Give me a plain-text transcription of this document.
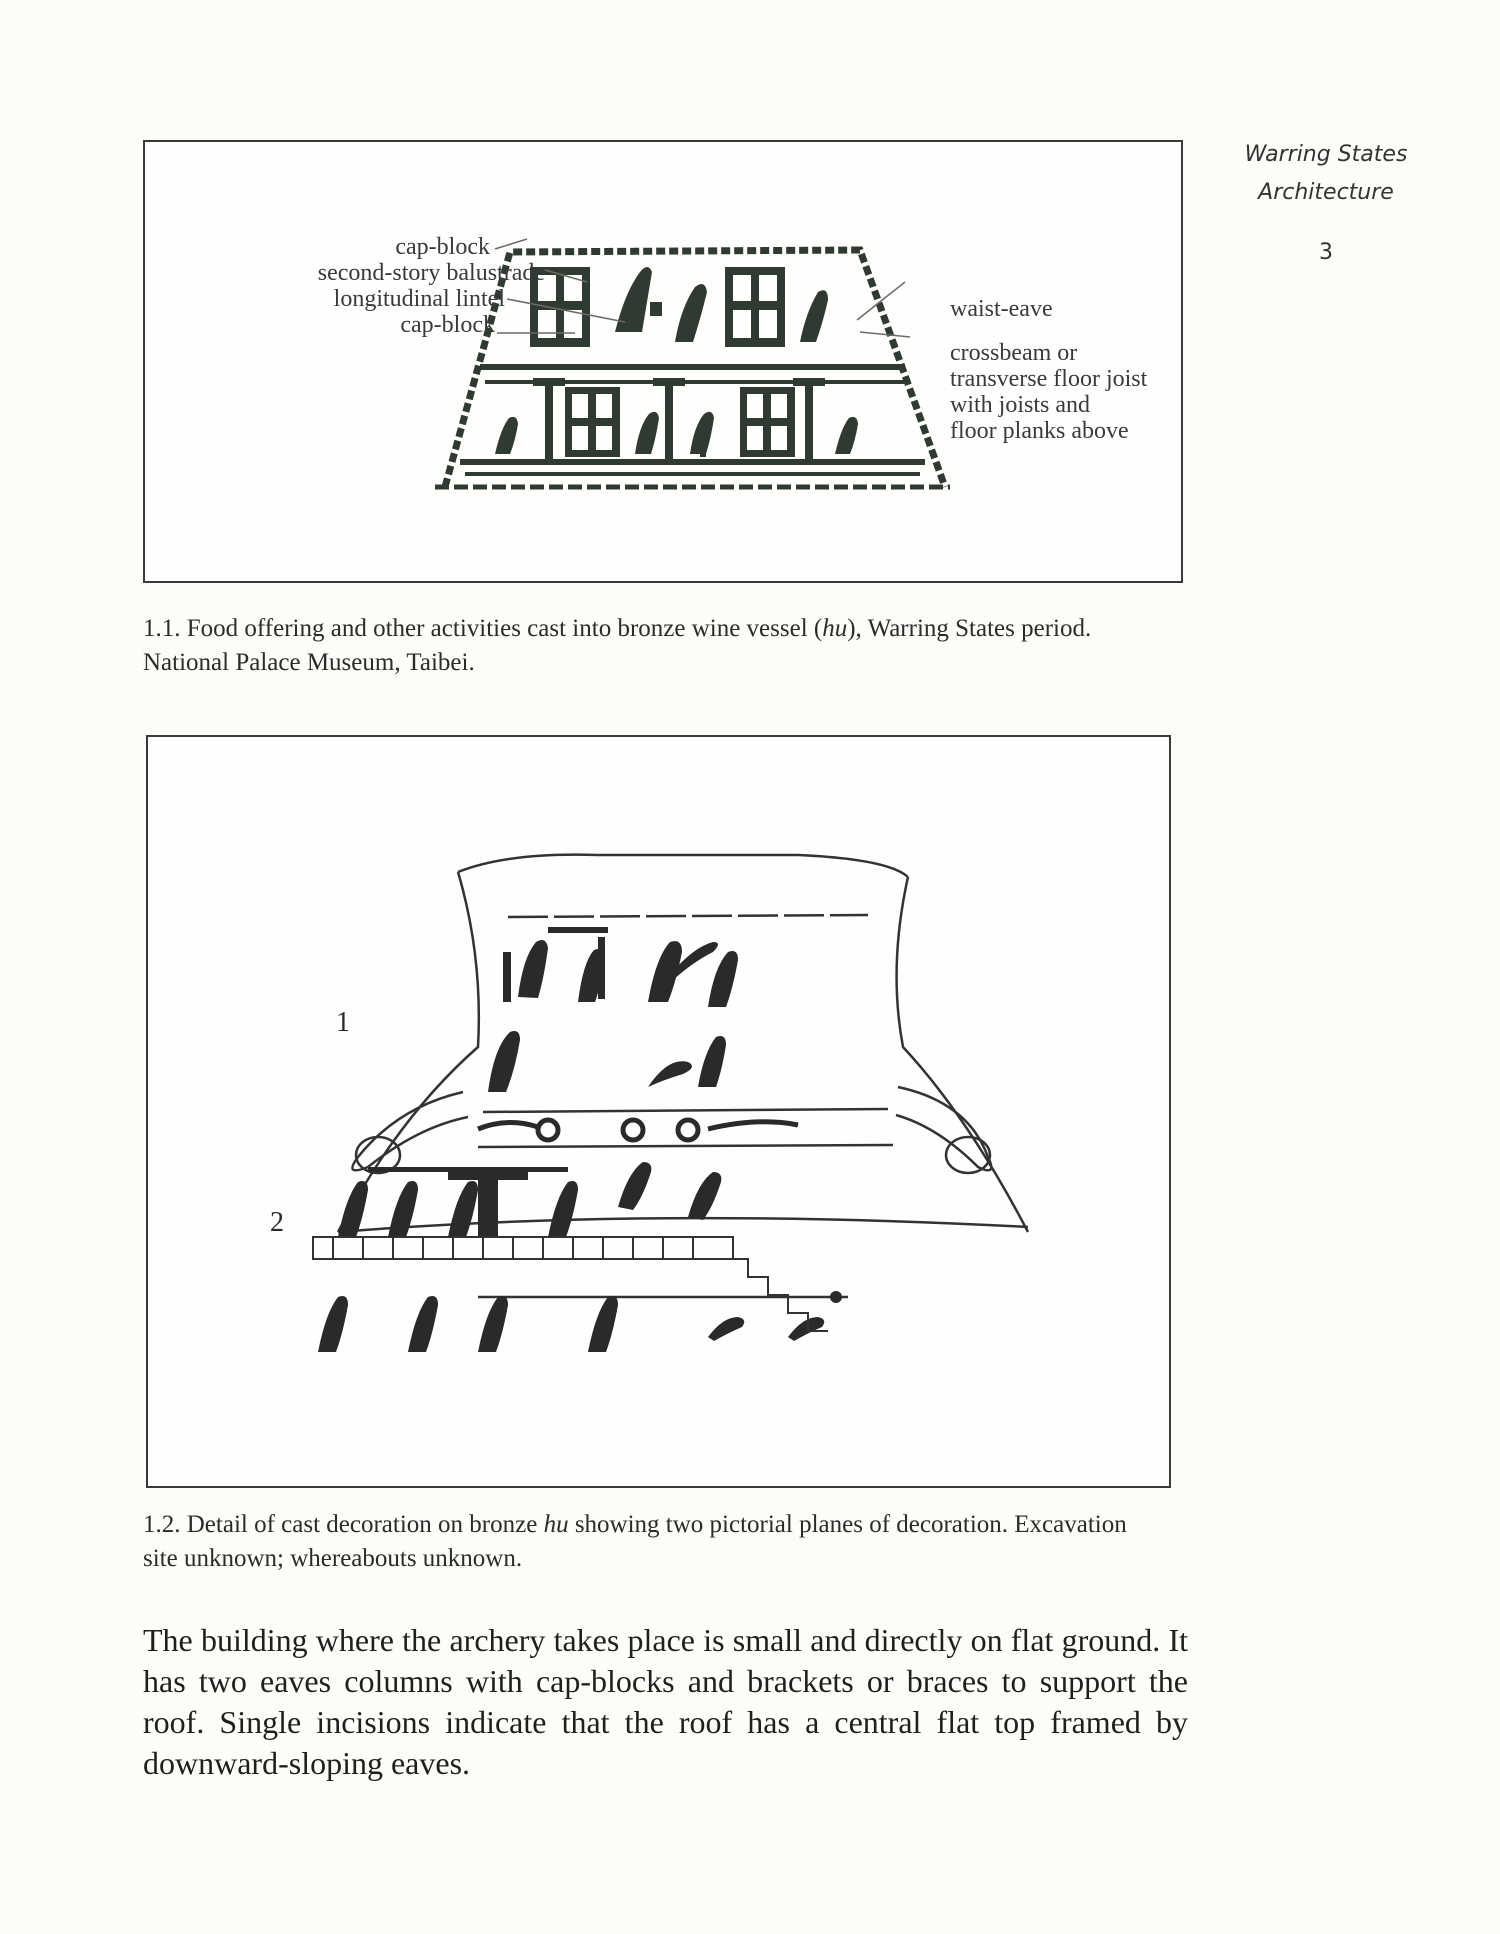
Warring States
Architecture
3
cap-block
second-story balustrade
longitudinal lintel
cap-block
waist-eave
crossbeam or
transverse floor joist
with joists and
floor planks above
1.1. Food offering and other activities cast into bronze wine vessel (hu), Warring States period. National Palace Museum, Taibei.
1
2
1.2. Detail of cast decoration on bronze hu showing two pictorial planes of decoration. Excavation site unknown; whereabouts unknown.

The building where the archery takes place is small and directly on flat ground. It has two eaves columns with cap-blocks and brackets or braces to support the roof. Single incisions indicate that the roof has a central flat top framed by downward-sloping eaves.
